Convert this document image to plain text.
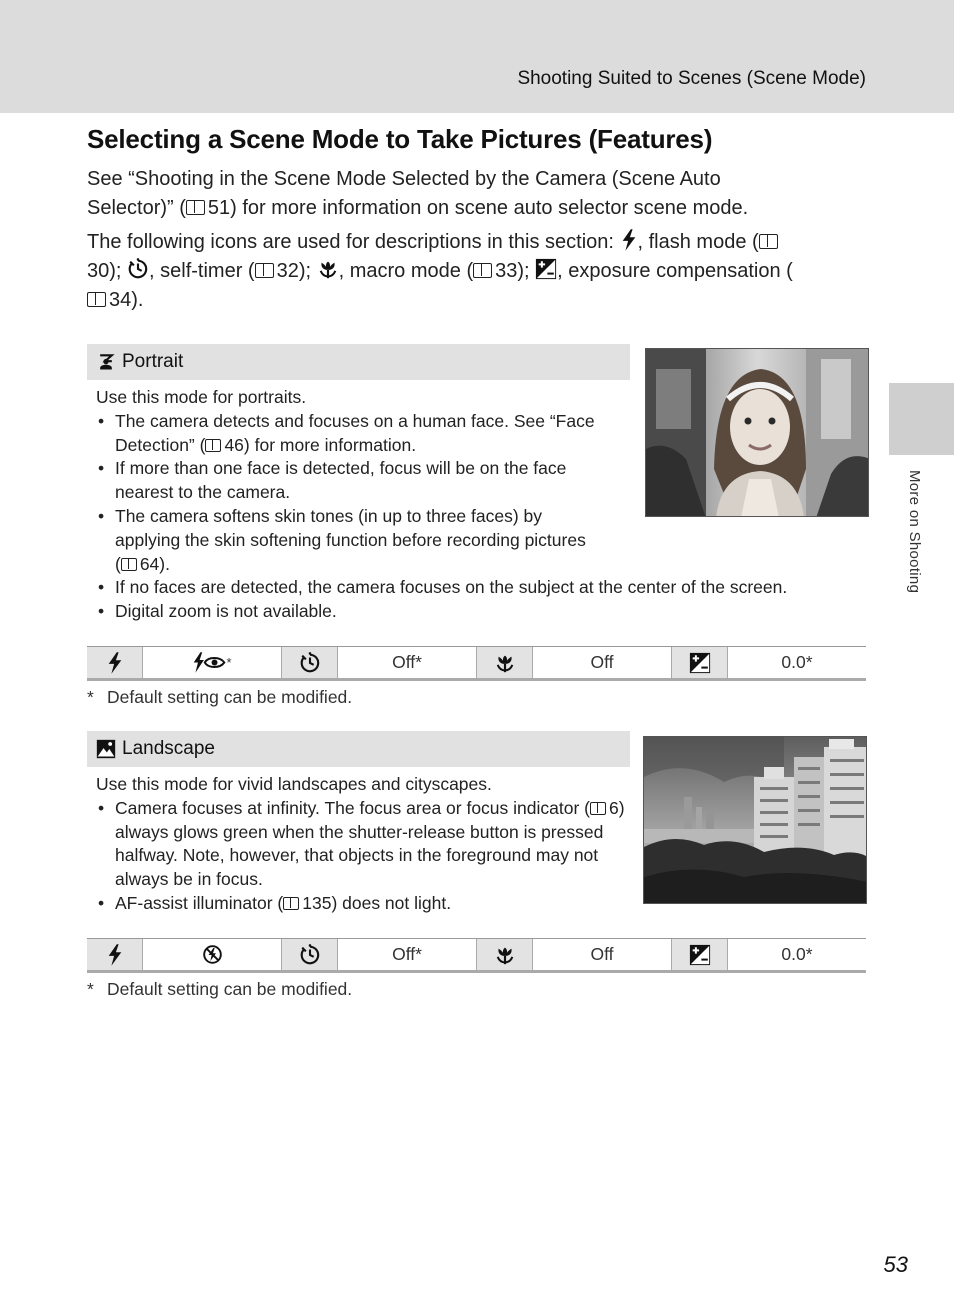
Shooting Suited to Scenes (Scene Mode)
More on Shooting
Selecting a Scene Mode to Take Pictures (Features)

See “Shooting in the Scene Mode Selected by the Camera (Scene Auto Selector)” ( 51) for more information on scene auto selector scene mode.

The following icons are used for descriptions in this section: , flash mode (30); , self-timer ( 32); , macro mode ( 33); , exposure compensation (34).

Portrait
Use this mode for portraits.
• The camera detects and focuses on a human face. See “Face Detection” ( 46) for more information.
• If more than one face is detected, focus will be on the face nearest to the camera.
• The camera softens skin tones (in up to three faces) by applying the skin softening function before recording pictures ( 64).
• If no faces are detected, the camera focuses on the subject at the center of the screen.
• Digital zoom is not available.
*	Off*	Off	0.0*
* Default setting can be modified.
Landscape
Use this mode for vivid landscapes and cityscapes.
• Camera focuses at infinity. The focus area or focus indicator ( 6) always glows green when the shutter-release button is pressed halfway. Note, however, that objects in the foreground may not always be in focus.
• AF-assist illuminator ( 135) does not light.
Off*	Off	0.0*
* Default setting can be modified.
53
